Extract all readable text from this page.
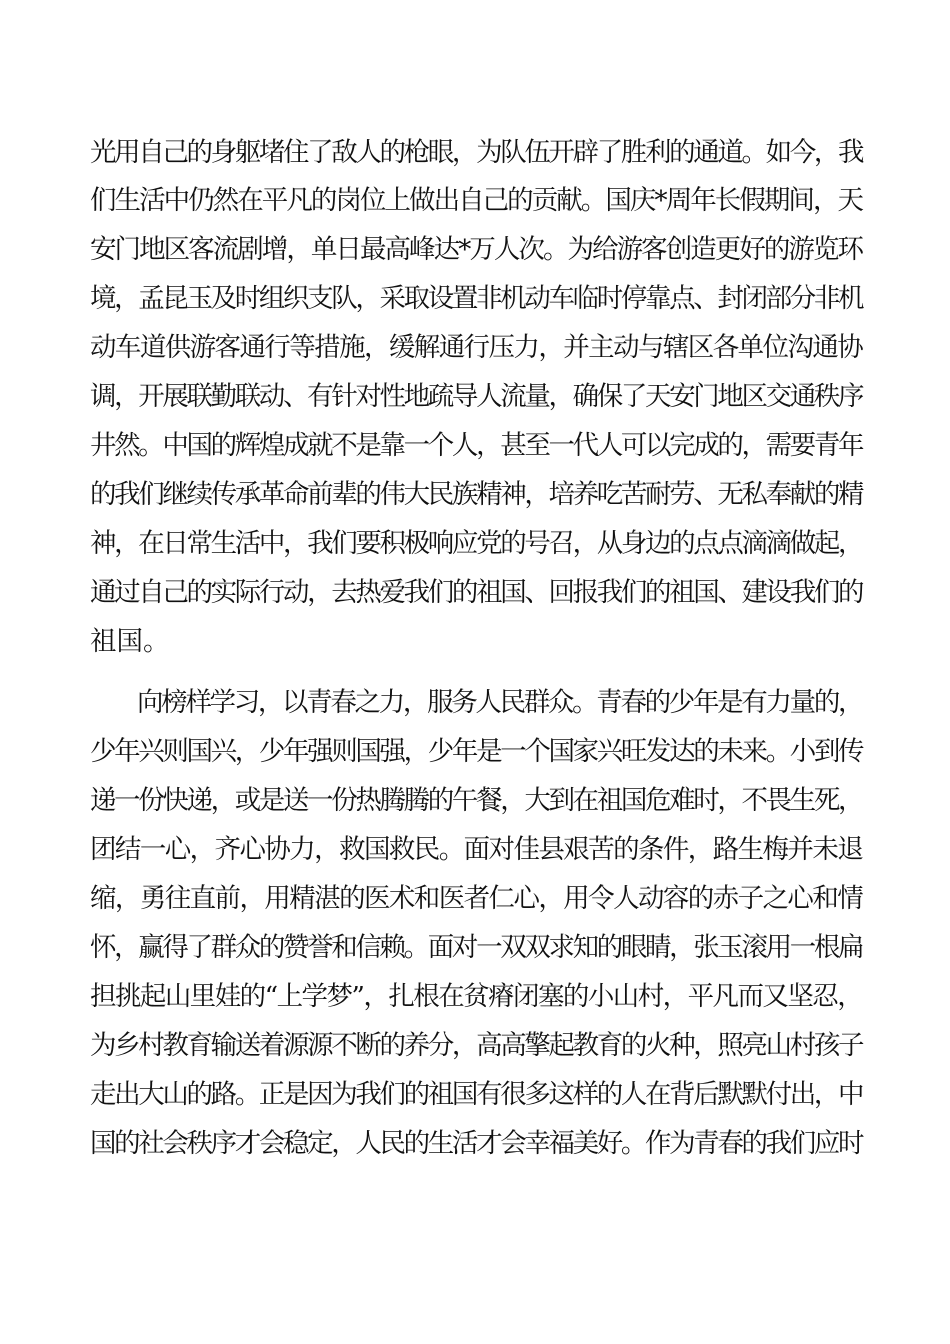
光用自己的身躯堵住了敌人的枪眼，为队伍开辟了胜利的通道。如今，我
们生活中仍然在平凡的岗位上做出自己的贡献。国庆*周年长假期间，天
安门地区客流剧增，单日最高峰达*万人次。为给游客创造更好的游览环
境，孟昆玉及时组织支队，采取设置非机动车临时停靠点、封闭部分非机
动车道供游客通行等措施，缓解通行压力，并主动与辖区各单位沟通协
调，开展联勤联动、有针对性地疏导人流量，确保了天安门地区交通秩序
井然。中国的辉煌成就不是靠一个人，甚至一代人可以完成的，需要青年
的我们继续传承革命前辈的伟大民族精神，培养吃苦耐劳、无私奉献的精
神，在日常生活中，我们要积极响应党的号召，从身边的点点滴滴做起，
通过自己的实际行动，去热爱我们的祖国、回报我们的祖国、建设我们的
祖国。
向榜样学习，以青春之力，服务人民群众。青春的少年是有力量的，
少年兴则国兴，少年强则国强，少年是一个国家兴旺发达的未来。小到传
递一份快递，或是送一份热腾腾的午餐，大到在祖国危难时，不畏生死，
团结一心，齐心协力，救国救民。面对佳县艰苦的条件，路生梅并未退
缩，勇往直前，用精湛的医术和医者仁心，用令人动容的赤子之心和情
怀，赢得了群众的赞誉和信赖。面对一双双求知的眼睛，张玉滚用一根扁
担挑起山里娃的“上学梦”，扎根在贫瘠闭塞的小山村，平凡而又坚忍，
为乡村教育输送着源源不断的养分，高高擎起教育的火种，照亮山村孩子
走出大山的路。正是因为我们的祖国有很多这样的人在背后默默付出，中
国的社会秩序才会稳定，人民的生活才会幸福美好。作为青春的我们应时
